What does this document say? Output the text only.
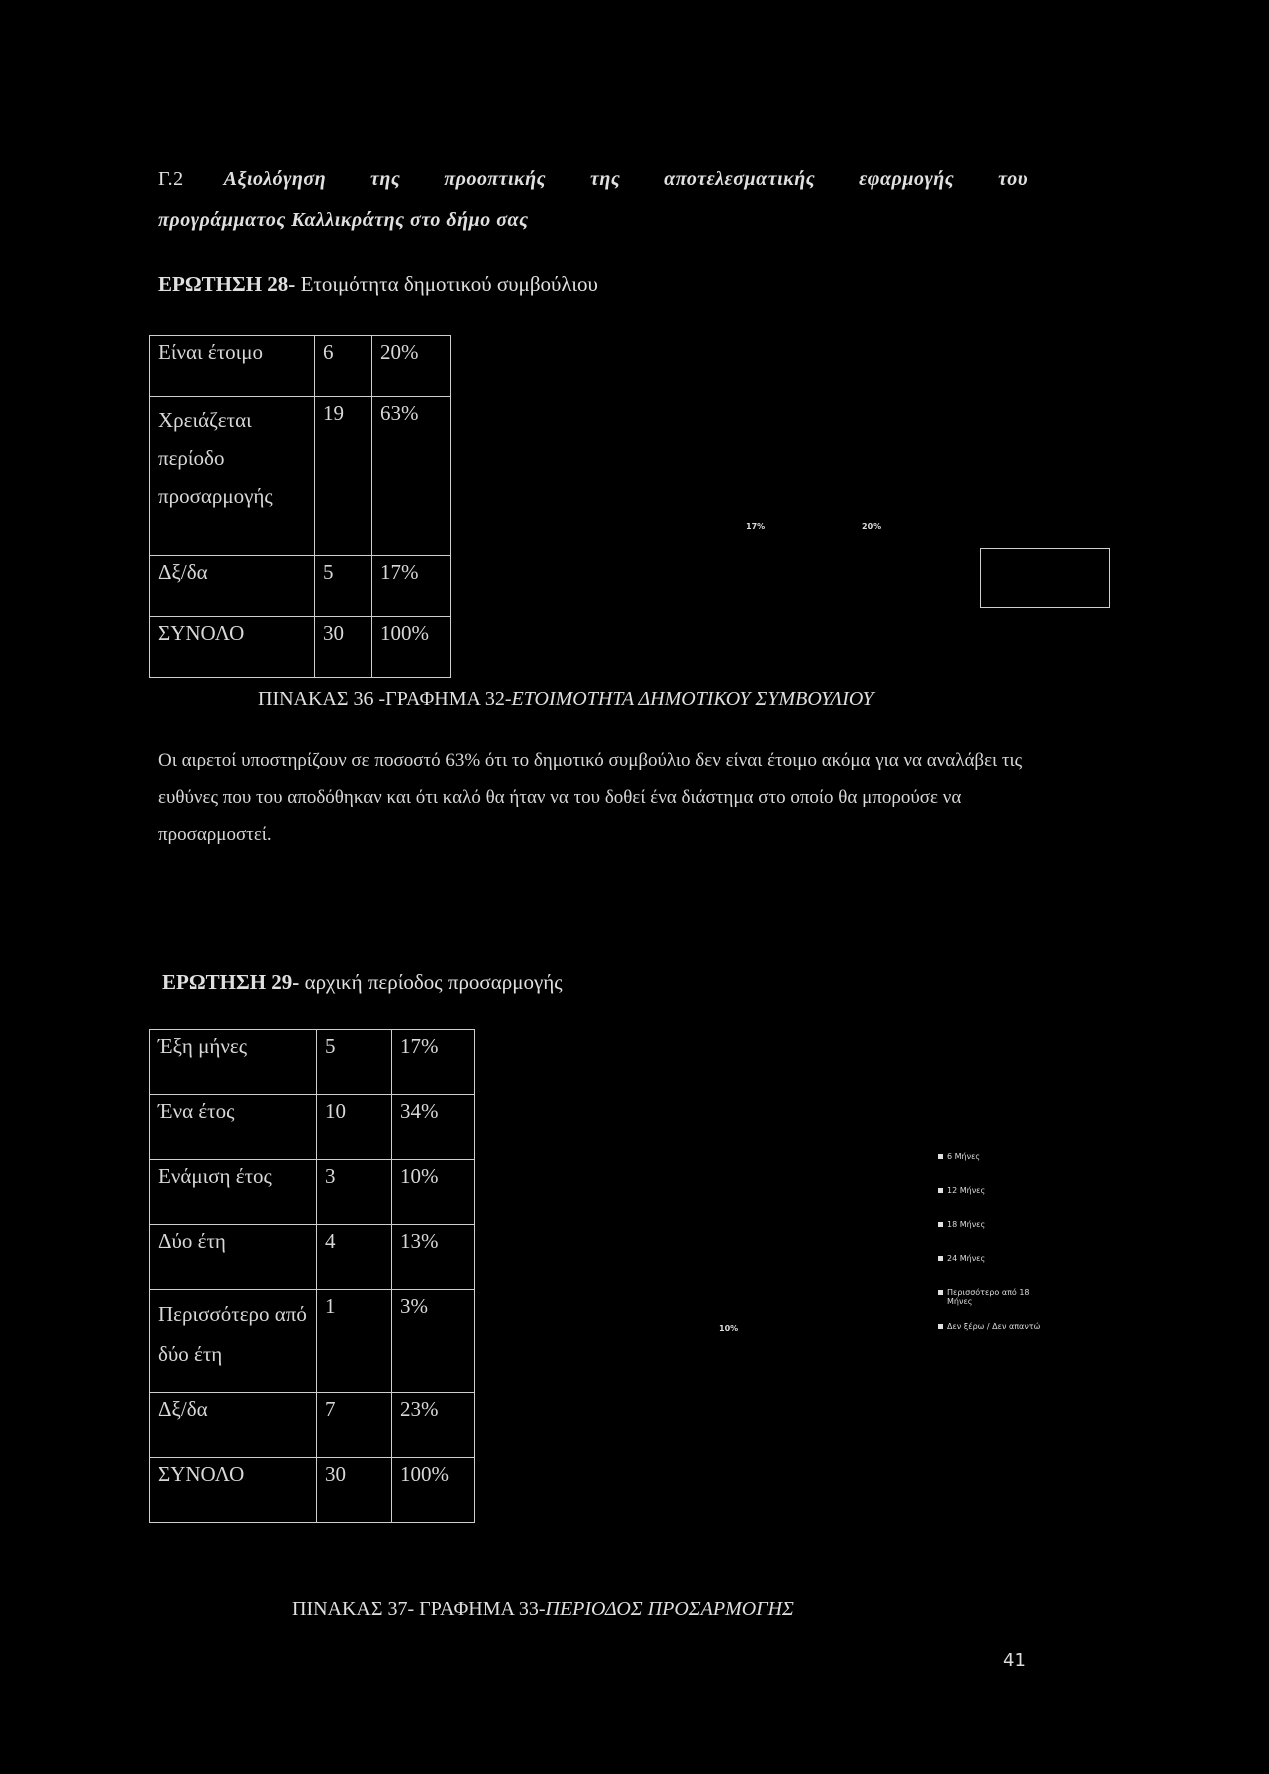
Γ.2 Αξιολόγηση της προοπτικής της αποτελεσματικής εφαρμογής του
προγράμματος Καλλικράτης στο δήμο σας
ΕΡΩΤΗΣΗ 28- Ετοιμότητα δημοτικού συμβούλιου
Είναι έτοιμο	6	20%
Χρειάζεται περίοδο προσαρμογής	19	63%
Δξ/δα	5	17%
ΣΥΝΟΛΟ	30	100%
17%	20%
ΠΙΝΑΚΑΣ 36 -ΓΡΑΦΗΜΑ 32-ΕΤΟΙΜΟΤΗΤΑ ΔΗΜΟΤΙΚΟΥ ΣΥΜΒΟΥΛΙΟΥ
Οι αιρετοί υποστηρίζουν σε ποσοστό 63% ότι το δημοτικό συμβούλιο δεν είναι έτοιμο ακόμα για να αναλάβει τις ευθύνες που του αποδόθηκαν και ότι καλό θα ήταν να του δοθεί ένα διάστημα στο οποίο θα μπορούσε να προσαρμοστεί.
ΕΡΩΤΗΣΗ 29- αρχική περίοδος προσαρμογής
Έξη μήνες	5	17%
Ένα έτος	10	34%
Ενάμιση έτος	3	10%
Δύο έτη	4	13%
Περισσότερο από δύο έτη	1	3%
Δξ/δα	7	23%
ΣΥΝΟΛΟ	30	100%
10%
6 Μήνες
12 Μήνες
18 Μήνες
24 Μήνες
Περισσότερο από 18 Μήνες
Δεν ξέρω / Δεν απαντώ
ΠΙΝΑΚΑΣ 37- ΓΡΑΦΗΜΑ 33-ΠΕΡΙΟΔΟΣ ΠΡΟΣΑΡΜΟΓΗΣ
41
